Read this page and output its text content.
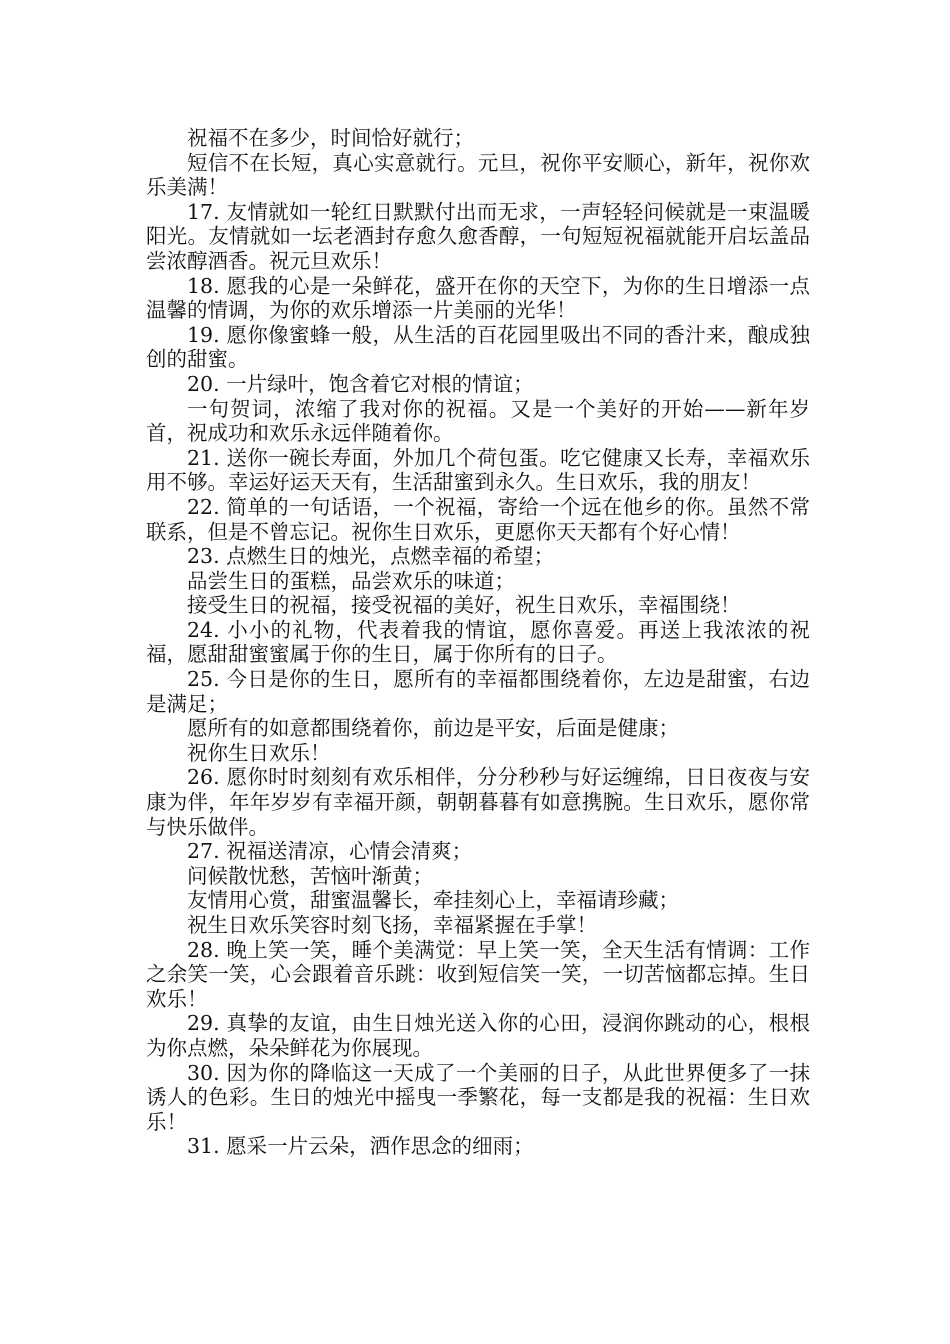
祝福不在多少，时间恰好就行；

短信不在长短，真心实意就行。元旦，祝你平安顺心，新年，祝你欢乐美满！

17. 友情就如一轮红日默默付出而无求，一声轻轻问候就是一束温暖阳光。友情就如一坛老酒封存愈久愈香醇，一句短短祝福就能开启坛盖品尝浓醇酒香。祝元旦欢乐！

18. 愿我的心是一朵鲜花，盛开在你的天空下，为你的生日增添一点温馨的情调，为你的欢乐增添一片美丽的光华！

19. 愿你像蜜蜂一般，从生活的百花园里吸出不同的香汁来，酿成独创的甜蜜。

20. 一片绿叶，饱含着它对根的情谊；

一句贺词，浓缩了我对你的祝福。又是一个美好的开始——新年岁首，祝成功和欢乐永远伴随着你。

21. 送你一碗长寿面，外加几个荷包蛋。吃它健康又长寿，幸福欢乐用不够。幸运好运天天有，生活甜蜜到永久。生日欢乐，我的朋友！

22. 简单的一句话语，一个祝福，寄给一个远在他乡的你。虽然不常联系，但是不曾忘记。祝你生日欢乐，更愿你天天都有个好心情！

23. 点燃生日的烛光，点燃幸福的希望；

品尝生日的蛋糕，品尝欢乐的味道；

接受生日的祝福，接受祝福的美好，祝生日欢乐，幸福围绕！

24. 小小的礼物，代表着我的情谊，愿你喜爱。再送上我浓浓的祝福，愿甜甜蜜蜜属于你的生日，属于你所有的日子。

25. 今日是你的生日，愿所有的幸福都围绕着你，左边是甜蜜，右边是满足；

愿所有的如意都围绕着你，前边是平安，后面是健康；

祝你生日欢乐！

26. 愿你时时刻刻有欢乐相伴，分分秒秒与好运缠绵，日日夜夜与安康为伴，年年岁岁有幸福开颜，朝朝暮暮有如意携腕。生日欢乐，愿你常与快乐做伴。

27. 祝福送清凉，心情会清爽；

问候散忧愁，苦恼叶渐黄；

友情用心赏，甜蜜温馨长，牵挂刻心上，幸福请珍藏；

祝生日欢乐笑容时刻飞扬，幸福紧握在手掌！

28. 晚上笑一笑，睡个美满觉：早上笑一笑，全天生活有情调：工作之余笑一笑，心会跟着音乐跳：收到短信笑一笑，一切苦恼都忘掉。生日欢乐！

29. 真挚的友谊，由生日烛光送入你的心田，浸润你跳动的心，根根为你点燃，朵朵鲜花为你展现。

30. 因为你的降临这一天成了一个美丽的日子，从此世界便多了一抹诱人的色彩。生日的烛光中摇曳一季繁花，每一支都是我的祝福：生日欢乐！

31. 愿采一片云朵，洒作思念的细雨；
